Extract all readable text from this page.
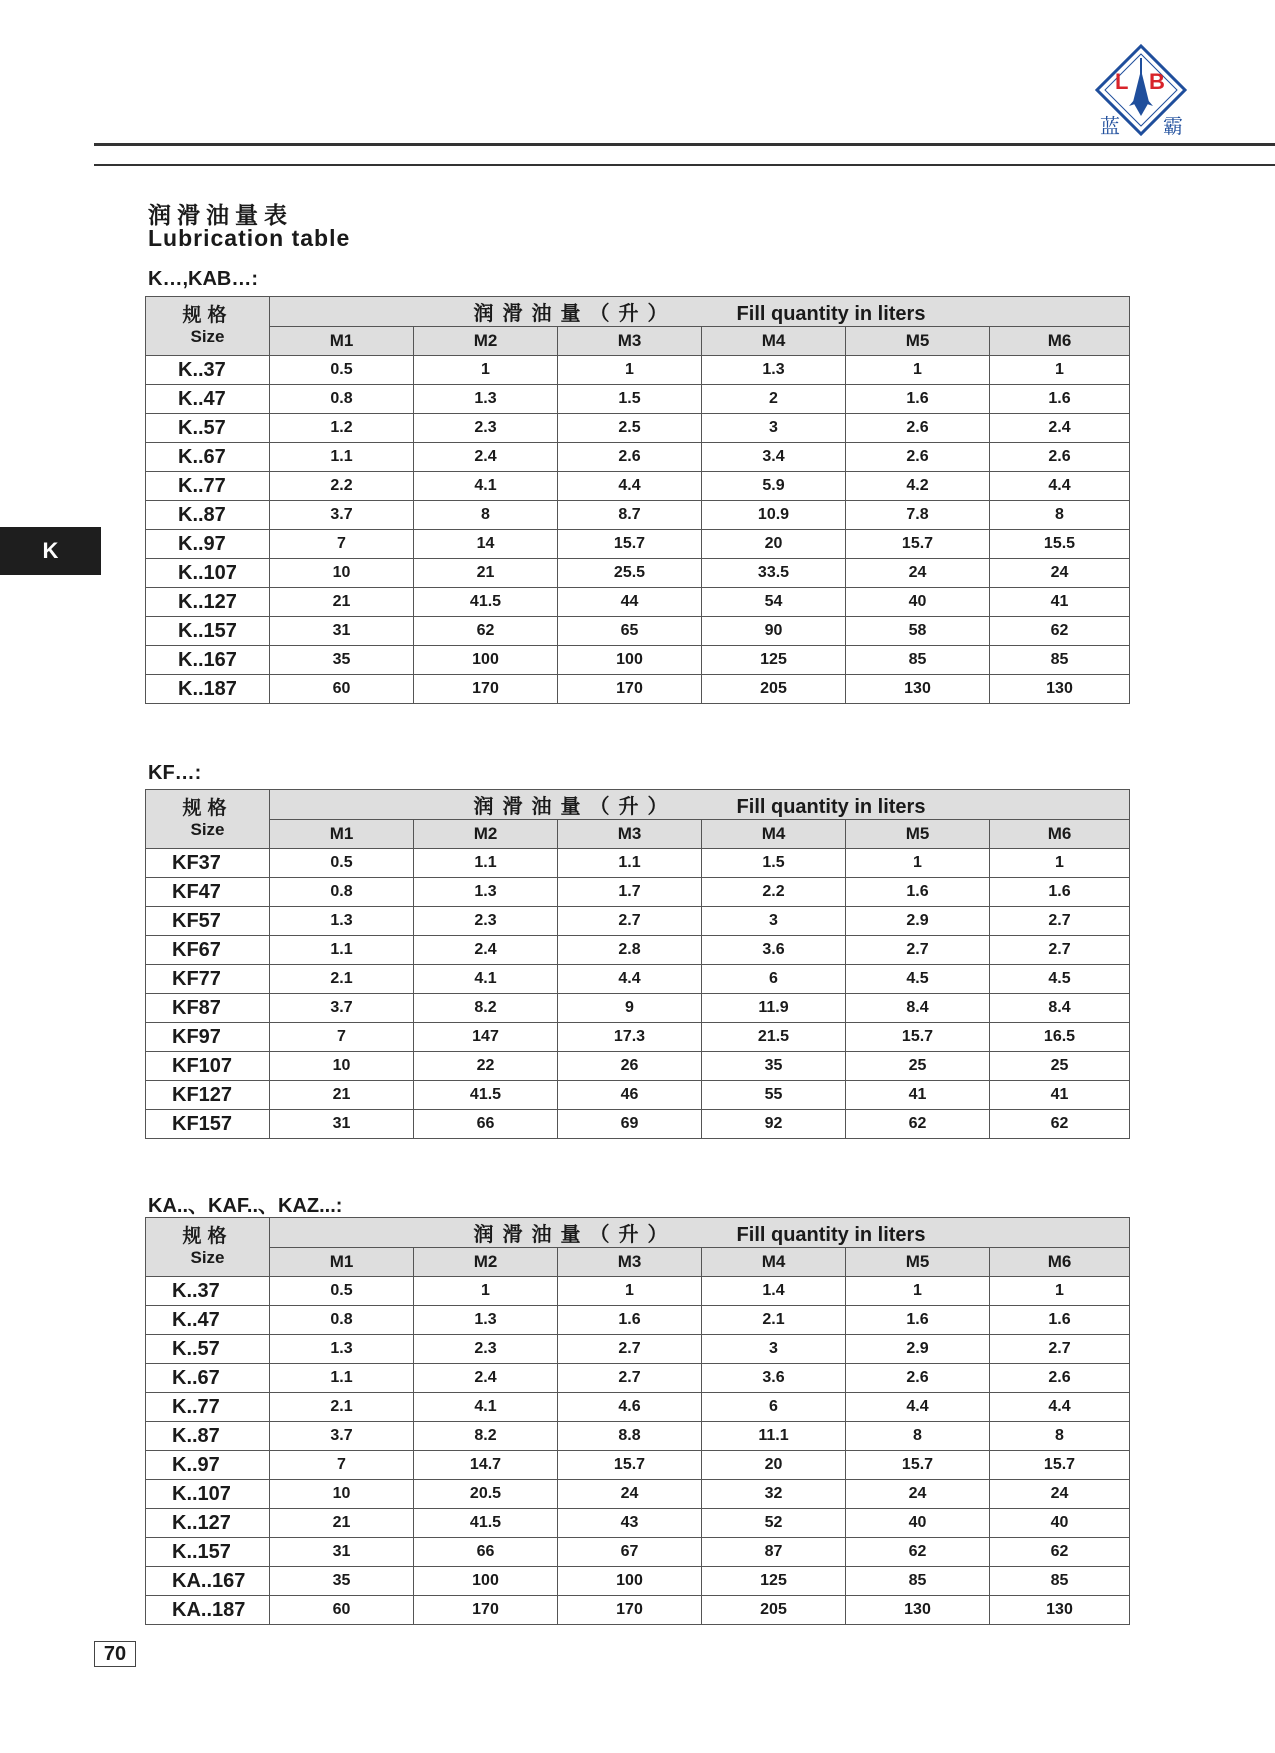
L B
蓝 霸
润滑油量表
Lubrication table
K
K…,KAB…:
规格
Size	润滑油量（升） Fill quantity in liters					
	M1	M2	M3	M4	M5	M6
K..37	0.5	1	1	1.3	1	1
K..47	0.8	1.3	1.5	2	1.6	1.6
K..57	1.2	2.3	2.5	3	2.6	2.4
K..67	1.1	2.4	2.6	3.4	2.6	2.6
K..77	2.2	4.1	4.4	5.9	4.2	4.4
K..87	3.7	8	8.7	10.9	7.8	8
K..97	7	14	15.7	20	15.7	15.5
K..107	10	21	25.5	33.5	24	24
K..127	21	41.5	44	54	40	41
K..157	31	62	65	90	58	62
K..167	35	100	100	125	85	85
K..187	60	170	170	205	130	130
KF…:
规格
Size	润滑油量（升） Fill quantity in liters					
	M1	M2	M3	M4	M5	M6
KF37	0.5	1.1	1.1	1.5	1	1
KF47	0.8	1.3	1.7	2.2	1.6	1.6
KF57	1.3	2.3	2.7	3	2.9	2.7
KF67	1.1	2.4	2.8	3.6	2.7	2.7
KF77	2.1	4.1	4.4	6	4.5	4.5
KF87	3.7	8.2	9	11.9	8.4	8.4
KF97	7	147	17.3	21.5	15.7	16.5
KF107	10	22	26	35	25	25
KF127	21	41.5	46	55	41	41
KF157	31	66	69	92	62	62
KA..、KAF..、KAZ...:
规格
Size	润滑油量（升） Fill quantity in liters					
	M1	M2	M3	M4	M5	M6
K..37	0.5	1	1	1.4	1	1
K..47	0.8	1.3	1.6	2.1	1.6	1.6
K..57	1.3	2.3	2.7	3	2.9	2.7
K..67	1.1	2.4	2.7	3.6	2.6	2.6
K..77	2.1	4.1	4.6	6	4.4	4.4
K..87	3.7	8.2	8.8	11.1	8	8
K..97	7	14.7	15.7	20	15.7	15.7
K..107	10	20.5	24	32	24	24
K..127	21	41.5	43	52	40	40
K..157	31	66	67	87	62	62
KA..167	35	100	100	125	85	85
KA..187	60	170	170	205	130	130
70
